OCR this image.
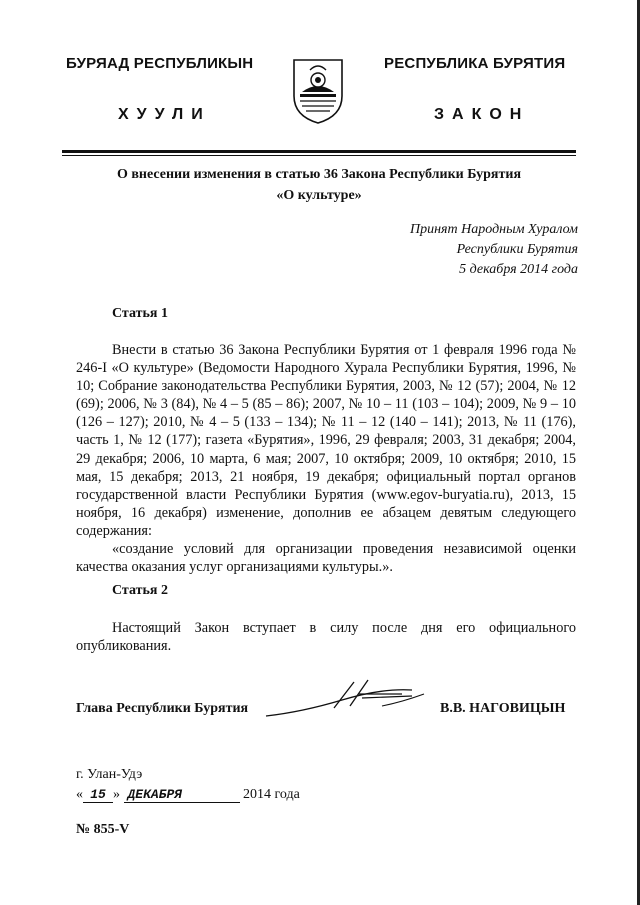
БУРЯАД РЕСПУБЛИКЫН
ХУУЛИ
РЕСПУБЛИКА БУРЯТИЯ
ЗАКОН
О внесении изменения в статью 36 Закона Республики Бурятия
«О культуре»
Принят Народным Хуралом
Республики Бурятия
5 декабря 2014 года
Статья 1

Внести в статью 36 Закона Республики Бурятия от 1 февраля 1996 года № 246-I «О культуре» (Ведомости Народного Хурала Республики Бурятия, 1996, № 10; Собрание законодательства Республики Бурятия, 2003, № 12 (57); 2004, № 12 (69); 2006, № 3 (84), № 4 – 5 (85 – 86); 2007, № 10 – 11 (103 – 104); 2009, № 9 – 10 (126 – 127); 2010, № 4 – 5 (133 – 134); № 11 – 12 (140 – 141); 2013, № 11 (176), часть 1, № 12 (177); газета «Бурятия», 1996, 29 февраля; 2003, 31 декабря; 2004, 29 декабря; 2006, 10 марта, 6 мая; 2007, 10 октября; 2009, 10 октября; 2010, 15 мая, 15 декабря; 2013, 21 ноября, 19 декабря; официальный портал органов государственной власти Республики Бурятия (www.egov-buryatia.ru), 2013, 15 ноября, 16 декабря) изменение, дополнив ее абзацем девятым следующего содержания:

«создание условий для организации проведения независимой оценки качества оказания услуг организациями культуры.».

Статья 2

Настоящий Закон вступает в силу после дня его официального опубликования.

Глава Республики Бурятия	В.В. НАГОВИЦЫН
г. Улан-Удэ
« 15 » ДЕКАБРЯ	2014 года
№ 855-V
